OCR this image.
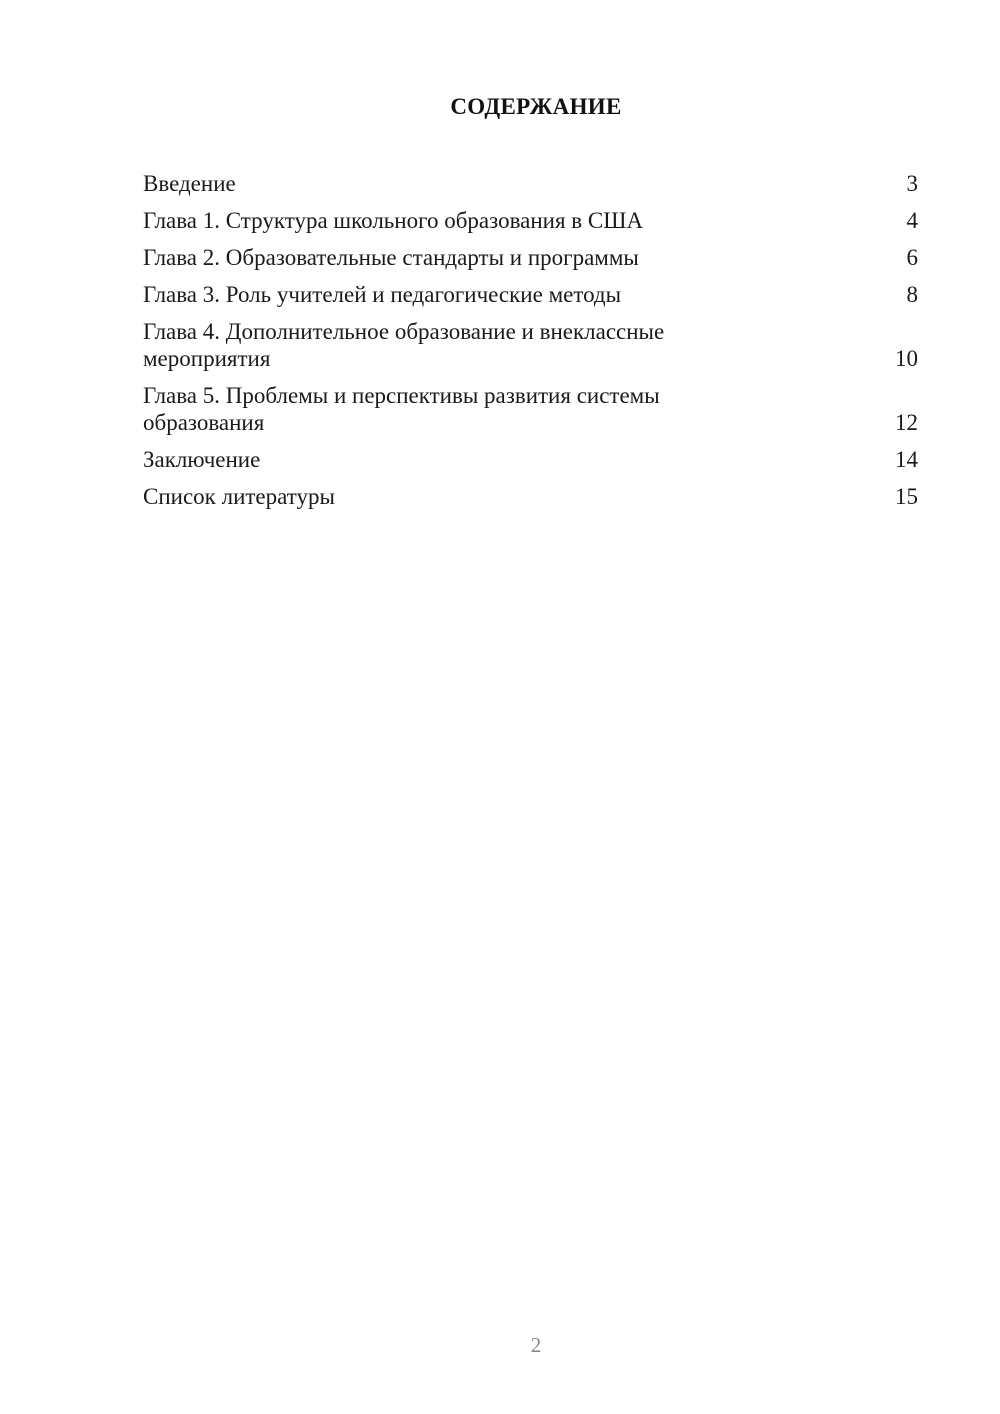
СОДЕРЖАНИЕ
Введение	3
Глава 1. Структура школьного образования в США	4
Глава 2. Образовательные стандарты и программы	6
Глава 3. Роль учителей и педагогические методы	8
Глава 4. Дополнительное образование и внеклассные мероприятия	10
Глава 5. Проблемы и перспективы развития системы образования	12
Заключение	14
Список литературы	15
2
